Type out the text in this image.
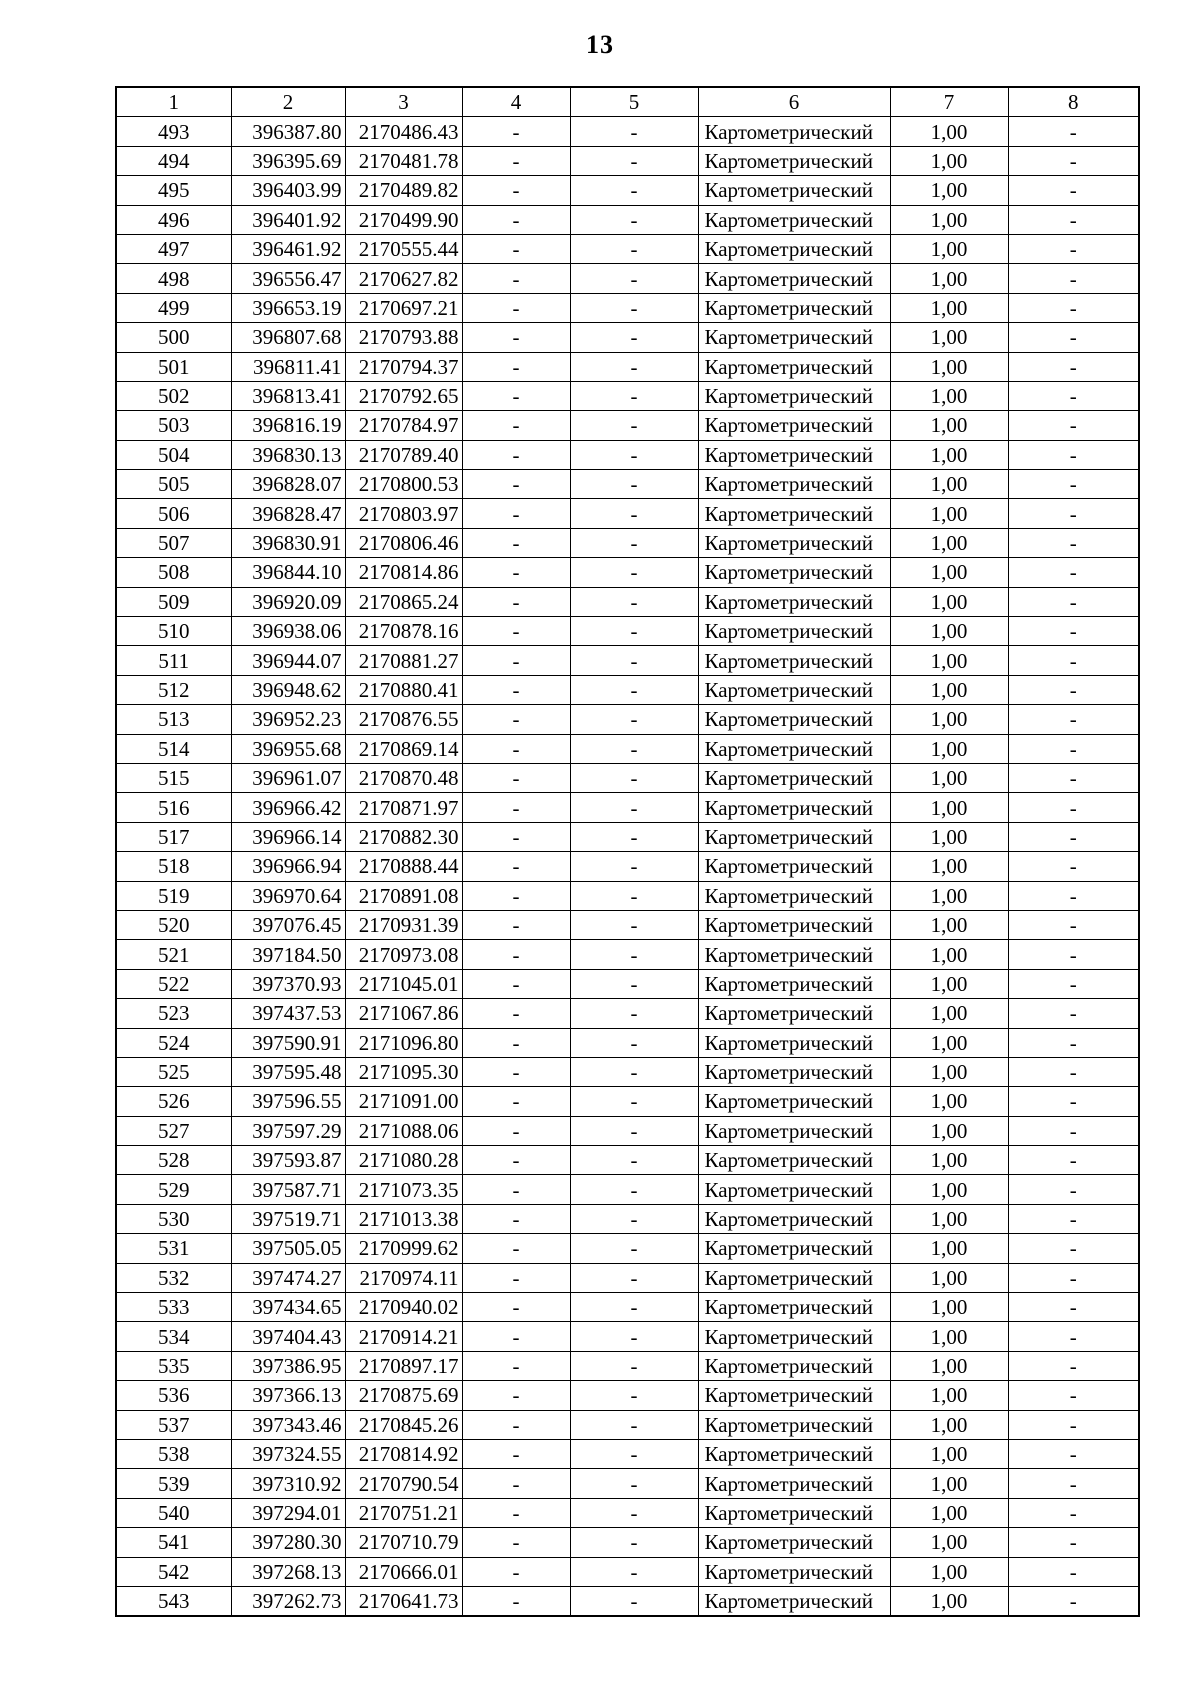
13
1	2	3	4	5	6	7	8
493	396387.80	2170486.43	-	-	Картометрический	1,00	-
494	396395.69	2170481.78	-	-	Картометрический	1,00	-
495	396403.99	2170489.82	-	-	Картометрический	1,00	-
496	396401.92	2170499.90	-	-	Картометрический	1,00	-
497	396461.92	2170555.44	-	-	Картометрический	1,00	-
498	396556.47	2170627.82	-	-	Картометрический	1,00	-
499	396653.19	2170697.21	-	-	Картометрический	1,00	-
500	396807.68	2170793.88	-	-	Картометрический	1,00	-
501	396811.41	2170794.37	-	-	Картометрический	1,00	-
502	396813.41	2170792.65	-	-	Картометрический	1,00	-
503	396816.19	2170784.97	-	-	Картометрический	1,00	-
504	396830.13	2170789.40	-	-	Картометрический	1,00	-
505	396828.07	2170800.53	-	-	Картометрический	1,00	-
506	396828.47	2170803.97	-	-	Картометрический	1,00	-
507	396830.91	2170806.46	-	-	Картометрический	1,00	-
508	396844.10	2170814.86	-	-	Картометрический	1,00	-
509	396920.09	2170865.24	-	-	Картометрический	1,00	-
510	396938.06	2170878.16	-	-	Картометрический	1,00	-
511	396944.07	2170881.27	-	-	Картометрический	1,00	-
512	396948.62	2170880.41	-	-	Картометрический	1,00	-
513	396952.23	2170876.55	-	-	Картометрический	1,00	-
514	396955.68	2170869.14	-	-	Картометрический	1,00	-
515	396961.07	2170870.48	-	-	Картометрический	1,00	-
516	396966.42	2170871.97	-	-	Картометрический	1,00	-
517	396966.14	2170882.30	-	-	Картометрический	1,00	-
518	396966.94	2170888.44	-	-	Картометрический	1,00	-
519	396970.64	2170891.08	-	-	Картометрический	1,00	-
520	397076.45	2170931.39	-	-	Картометрический	1,00	-
521	397184.50	2170973.08	-	-	Картометрический	1,00	-
522	397370.93	2171045.01	-	-	Картометрический	1,00	-
523	397437.53	2171067.86	-	-	Картометрический	1,00	-
524	397590.91	2171096.80	-	-	Картометрический	1,00	-
525	397595.48	2171095.30	-	-	Картометрический	1,00	-
526	397596.55	2171091.00	-	-	Картометрический	1,00	-
527	397597.29	2171088.06	-	-	Картометрический	1,00	-
528	397593.87	2171080.28	-	-	Картометрический	1,00	-
529	397587.71	2171073.35	-	-	Картометрический	1,00	-
530	397519.71	2171013.38	-	-	Картометрический	1,00	-
531	397505.05	2170999.62	-	-	Картометрический	1,00	-
532	397474.27	2170974.11	-	-	Картометрический	1,00	-
533	397434.65	2170940.02	-	-	Картометрический	1,00	-
534	397404.43	2170914.21	-	-	Картометрический	1,00	-
535	397386.95	2170897.17	-	-	Картометрический	1,00	-
536	397366.13	2170875.69	-	-	Картометрический	1,00	-
537	397343.46	2170845.26	-	-	Картометрический	1,00	-
538	397324.55	2170814.92	-	-	Картометрический	1,00	-
539	397310.92	2170790.54	-	-	Картометрический	1,00	-
540	397294.01	2170751.21	-	-	Картометрический	1,00	-
541	397280.30	2170710.79	-	-	Картометрический	1,00	-
542	397268.13	2170666.01	-	-	Картометрический	1,00	-
543	397262.73	2170641.73	-	-	Картометрический	1,00	-
